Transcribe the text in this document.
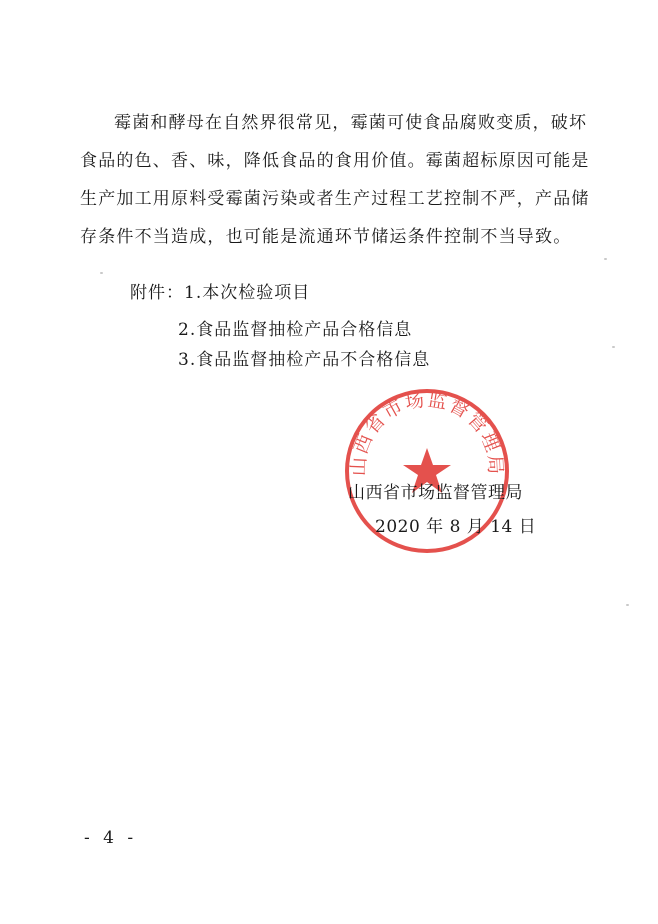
霉菌和酵母在自然界很常见，霉菌可使食品腐败变质，破坏
食品的色、香、味，降低食品的食用价值。霉菌超标原因可能是
生产加工用原料受霉菌污染或者生产过程工艺控制不严，产品储
存条件不当造成，也可能是流通环节储运条件控制不当导致。
附件：1.本次检验项目
2.食品监督抽检产品合格信息
3.食品监督抽检产品不合格信息
山西省市场监督管理局
山西省市场监督管理局
2020 年 8 月 14 日
- 4 -
